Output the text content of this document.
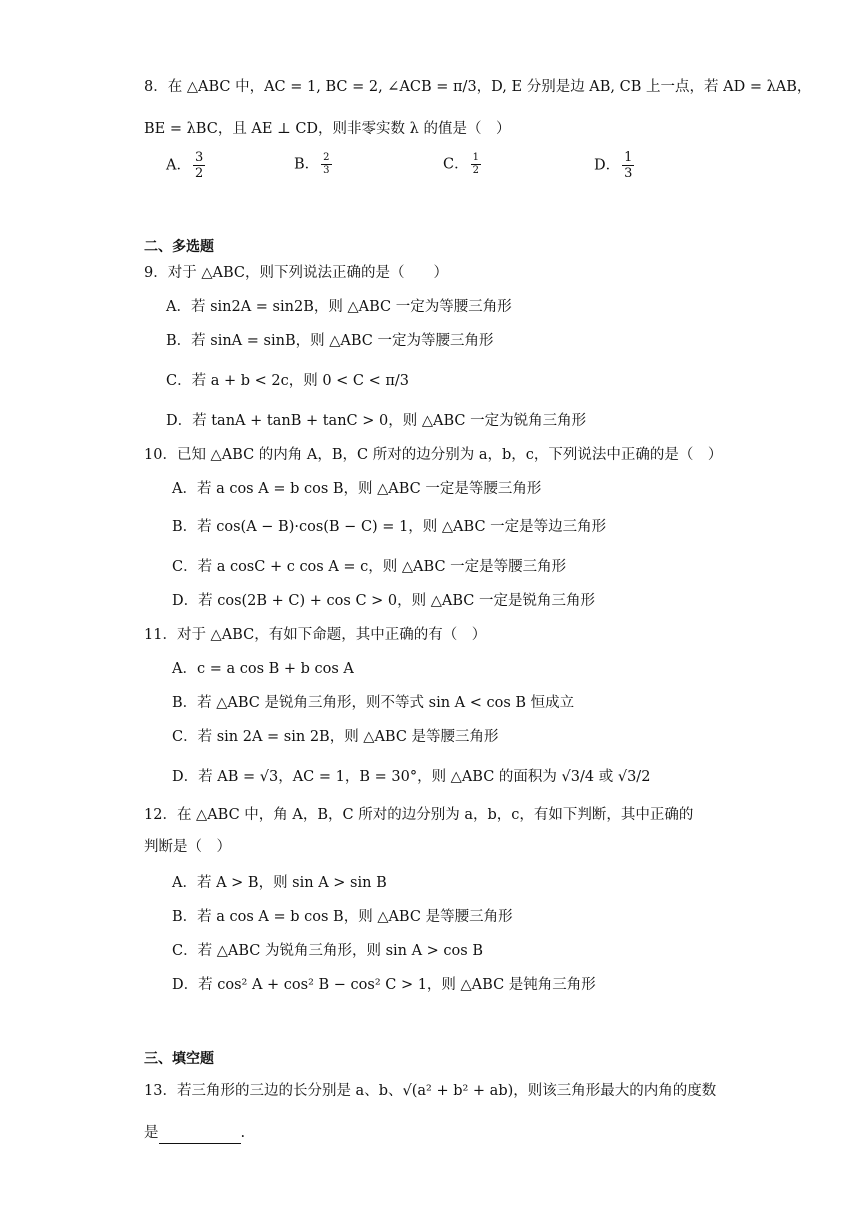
8．在 △ABC 中，AC = 1, BC = 2, ∠ACB = π/3，D, E 分别是边 AB, CB 上一点，若 AD = λAB，
BE = λBC，且 AE ⊥ CD，则非零实数 λ 的值是（　）
A． $\frac{3}{2}$	B． $\frac{2}{3}$	C． $\frac{1}{2}$	D． $\frac{1}{3}$
二、多选题
9．对于 △ABC，则下列说法正确的是（　　）
A．若 sin2A = sin2B，则 △ABC 一定为等腰三角形
B．若 sinA = sinB，则 △ABC 一定为等腰三角形
C．若 a + b < 2c，则 0 < C < π/3
D．若 tanA + tanB + tanC > 0，则 △ABC 一定为锐角三角形
10．已知 △ABC 的内角 A，B，C 所对的边分别为 a，b，c，下列说法中正确的是（　）
A．若 a cos A = b cos B，则 △ABC 一定是等腰三角形
B．若 cos(A − B)·cos(B − C) = 1，则 △ABC 一定是等边三角形
C．若 a cosC + c cos A = c，则 △ABC 一定是等腰三角形
D．若 cos(2B + C) + cos C > 0，则 △ABC 一定是锐角三角形
11．对于 △ABC，有如下命题，其中正确的有（　）
A．c = a cos B + b cos A
B．若 △ABC 是锐角三角形，则不等式 sin A < cos B 恒成立
C．若 sin 2A = sin 2B，则 △ABC 是等腰三角形
D．若 AB = √3，AC = 1，B = 30°，则 △ABC 的面积为 √3/4 或 √3/2
12．在 △ABC 中，角 A，B，C 所对的边分别为 a，b，c，有如下判断，其中正确的
判断是（　）
A．若 A > B，则 sin A > sin B
B．若 a cos A = b cos B，则 △ABC 是等腰三角形
C．若 △ABC 为锐角三角形，则 sin A > cos B
D．若 cos² A + cos² B − cos² C > 1，则 △ABC 是钝角三角形
三、填空题
13．若三角形的三边的长分别是 a、b、√(a² + b² + ab)，则该三角形最大的内角的度数
是	.
